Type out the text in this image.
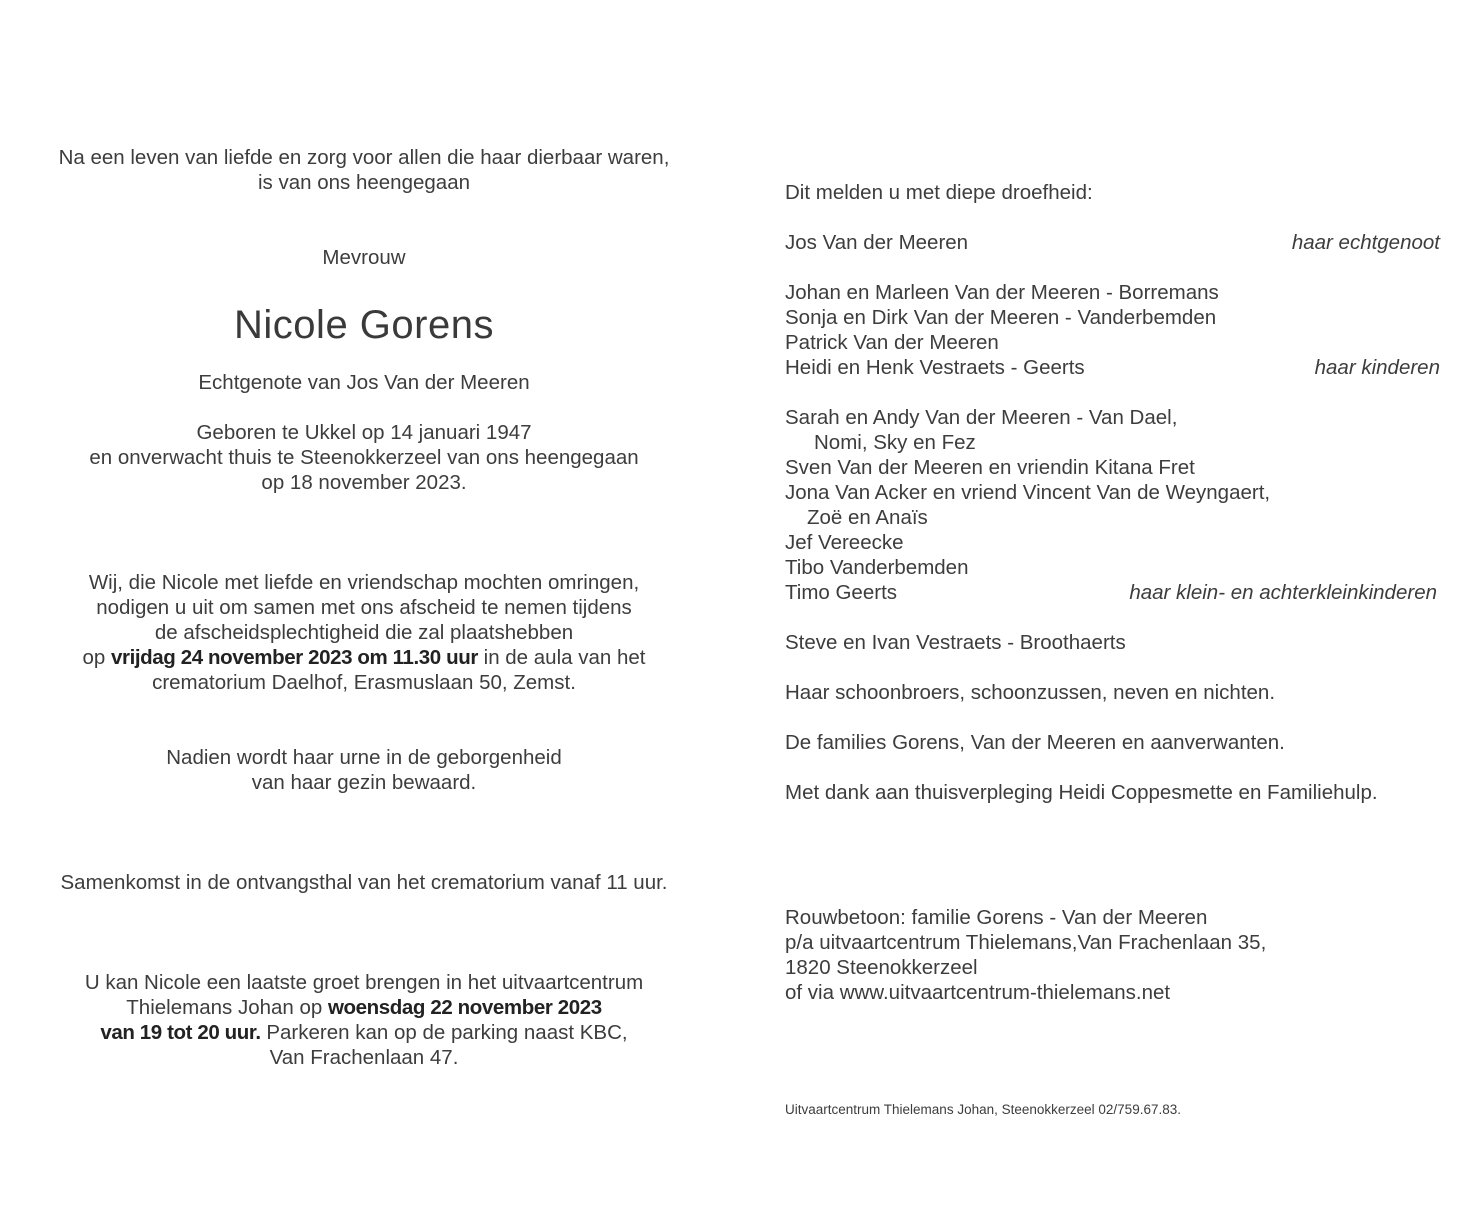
Na een leven van liefde en zorg voor allen die haar dierbaar waren,
is van ons heengegaan
Mevrouw
Nicole Gorens
Echtgenote van Jos Van der Meeren
Geboren te Ukkel op 14 januari 1947
en onverwacht thuis te Steenokkerzeel van ons heengegaan
op 18 november 2023.
Wij, die Nicole met liefde en vriendschap mochten omringen,
nodigen u uit om samen met ons afscheid te nemen tijdens
de afscheidsplechtigheid die zal plaatshebben
op vrijdag 24 november 2023 om 11.30 uur in de aula van het
crematorium Daelhof, Erasmuslaan 50, Zemst.
Nadien wordt haar urne in de geborgenheid
van haar gezin bewaard.
Samenkomst in de ontvangsthal van het crematorium vanaf 11 uur.
U kan Nicole een laatste groet brengen in het uitvaartcentrum
Thielemans Johan op woensdag 22 november 2023
van 19 tot 20 uur. Parkeren kan op de parking naast KBC,
Van Frachenlaan 47.
Dit melden u met diepe droefheid:
Jos Van der Meeren	haar echtgenoot
Johan en Marleen Van der Meeren - Borremans
Sonja en Dirk Van der Meeren - Vanderbemden
Patrick Van der Meeren
Heidi en Henk Vestraets - Geerts	haar kinderen
Sarah en Andy Van der Meeren - Van Dael,
Nomi, Sky en Fez
Sven Van der Meeren en vriendin Kitana Fret
Jona Van Acker en vriend Vincent Van de Weyngaert,
Zoë en Anaïs
Jef Vereecke
Tibo Vanderbemden
Timo Geerts	haar klein- en achterkleinkinderen
Steve en Ivan Vestraets - Broothaerts
Haar schoonbroers, schoonzussen, neven en nichten.
De families Gorens, Van der Meeren en aanverwanten.
Met dank aan thuisverpleging Heidi Coppesmette en Familiehulp.
Rouwbetoon: familie Gorens - Van der Meeren
p/a uitvaartcentrum Thielemans,Van Frachenlaan 35,
1820 Steenokkerzeel
of via www.uitvaartcentrum-thielemans.net
Uitvaartcentrum Thielemans Johan, Steenokkerzeel 02/759.67.83.
